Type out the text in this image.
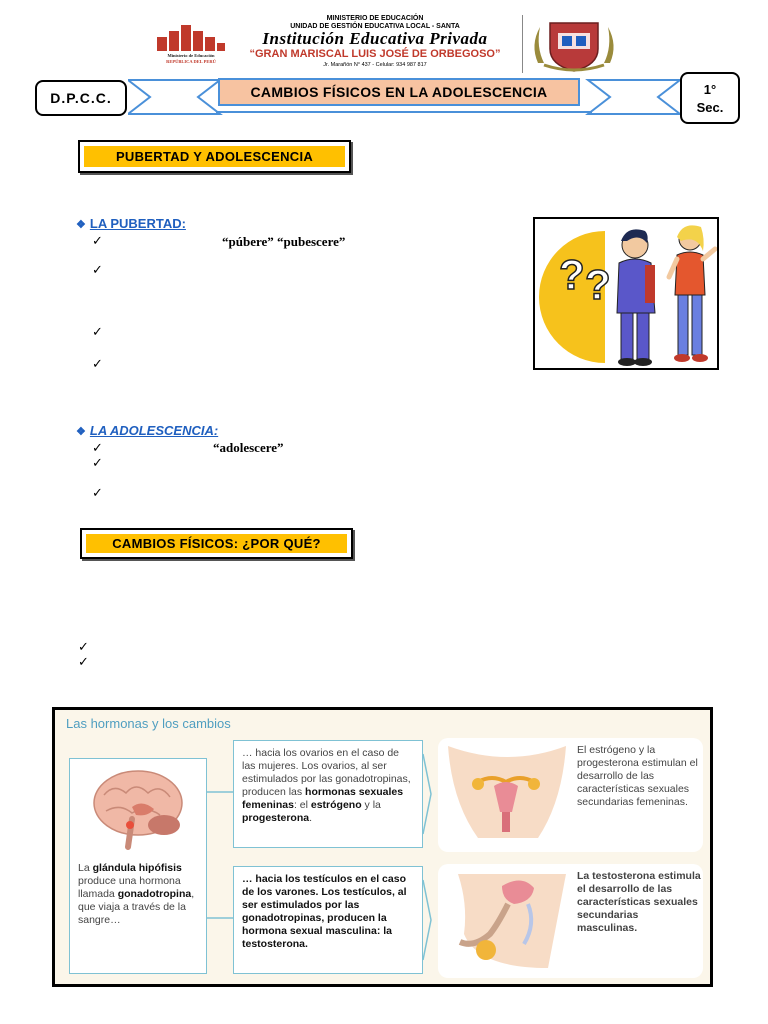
Ministerio de Educación
REPÚBLICA DEL PERÚ
MINISTERIO DE EDUCACIÓN
UNIDAD DE GESTIÓN EDUCATIVA LOCAL - SANTA
Institución Educativa Privada
“GRAN MARISCAL LUIS JOSÉ DE ORBEGOSO”
Jr. Marañón N° 437 - Celular: 934 987 817
D.P.C.C.	CAMBIOS FÍSICOS EN LA ADOLESCENCIA	1°
Sec.
PUBERTAD Y ADOLESCENCIA
❖ LA PUBERTAD:
✓	“púbere” “pubescere”
✓
✓
✓
? ?
❖ LA ADOLESCENCIA:
✓	“adolescere”
✓
✓
CAMBIOS FÍSICOS: ¿POR QUÉ?
✓
✓
Las hormonas y los cambios
La glándula hipófisis produce una hormona llamada gonadotropina, que viaja a través de la sangre…
… hacia los ovarios en el caso de las mujeres. Los ovarios, al ser estimulados por las gonadotropinas, producen las hormonas sexuales femeninas: el estrógeno y la progesterona.
… hacia los testículos en el caso de los varones. Los testículos, al ser estimulados por las gonadotropinas, producen la hormona sexual masculina: la testosterona.
El estrógeno y la progesterona estimulan el desarrollo de las características sexuales secundarias femeninas.
La testosterona estimula el desarrollo de las características sexuales secundarias masculinas.
